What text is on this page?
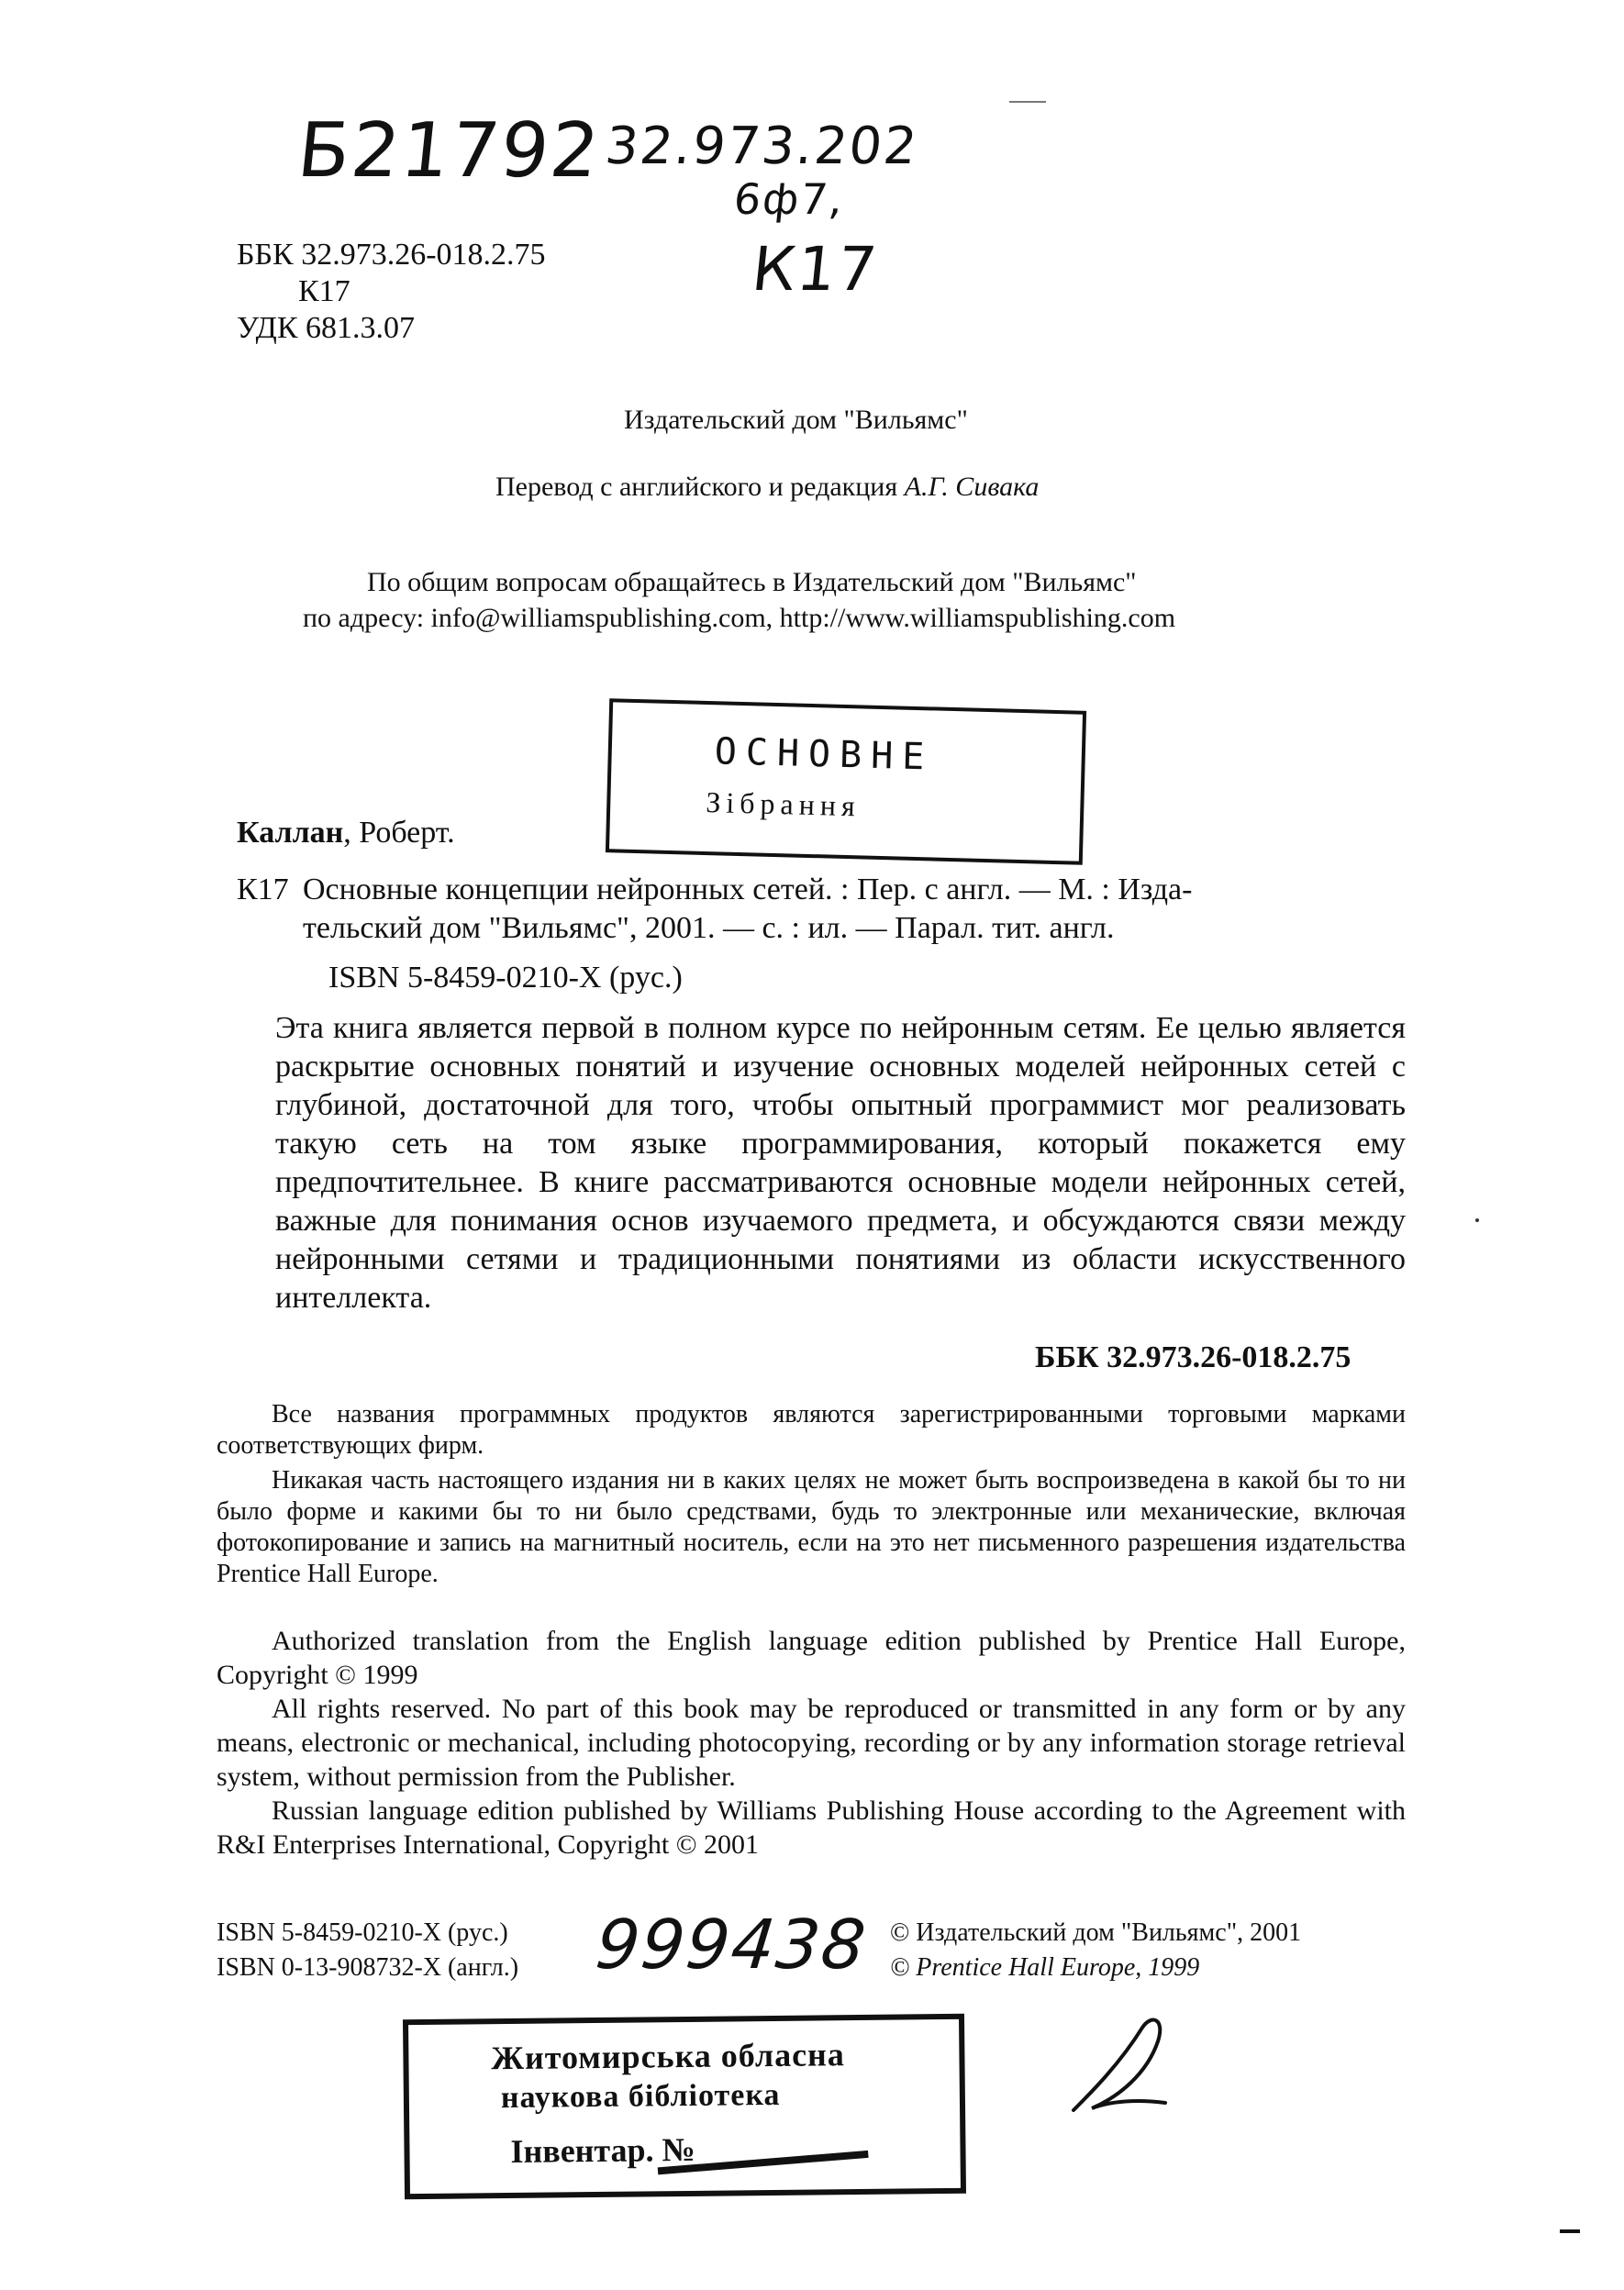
Б21792
32.973.202
6ф7,
К17
ББК 32.973.26-018.2.75
К17
УДК 681.3.07
Издательский дом "Вильямс"
Перевод с английского и редакция А.Г. Сивака
По общим вопросам обращайтесь в Издательский дом "Вильямс"
по адресу: info@williamspublishing.com, http://www.williamspublishing.com
ОСНОВНЕ
Зібрання
Каллан, Роберт.
К17 Основные концепции нейронных сетей. : Пер. с англ. — М. : Изда-
тельский дом "Вильямс", 2001. — с. : ил. — Парал. тит. англ.
ISBN 5-8459-0210-Х (рус.)

Эта книга является первой в полном курсе по нейронным сетям. Ее целью является раскрытие основных понятий и изучение основных моделей нейронных сетей с глубиной, достаточной для того, чтобы опытный программист мог реализовать такую сеть на том языке программирования, который покажется ему предпочтительнее. В книге рассматриваются основные модели нейронных сетей, важные для понимания основ изучаемого предмета, и обсуждаются связи между нейронными сетями и традиционными понятиями из области искусственного интеллекта.

ББК 32.973.26-018.2.75

Все названия программных продуктов являются зарегистрированными торговыми марками соответствующих фирм.

Никакая часть настоящего издания ни в каких целях не может быть воспроизведена в какой бы то ни было форме и какими бы то ни было средствами, будь то электронные или механические, включая фотокопирование и запись на магнитный носитель, если на это нет письменного разрешения издательства Prentice Hall Europe.

Authorized translation from the English language edition published by Prentice Hall Europe, Copyright © 1999

All rights reserved. No part of this book may be reproduced or transmitted in any form or by any means, electronic or mechanical, including photocopying, recording or by any information storage retrieval system, without permission from the Publisher.

Russian language edition published by Williams Publishing House according to the Agreement with R&I Enterprises International, Copyright © 2001

ISBN 5-8459-0210-X (рус.)
ISBN 0-13-908732-X (англ.) 999438 © Издательский дом "Вильямс", 2001
© Prentice Hall Europe, 1999
Житомирська обласна
наукова бібліотека
Інвентар. №
